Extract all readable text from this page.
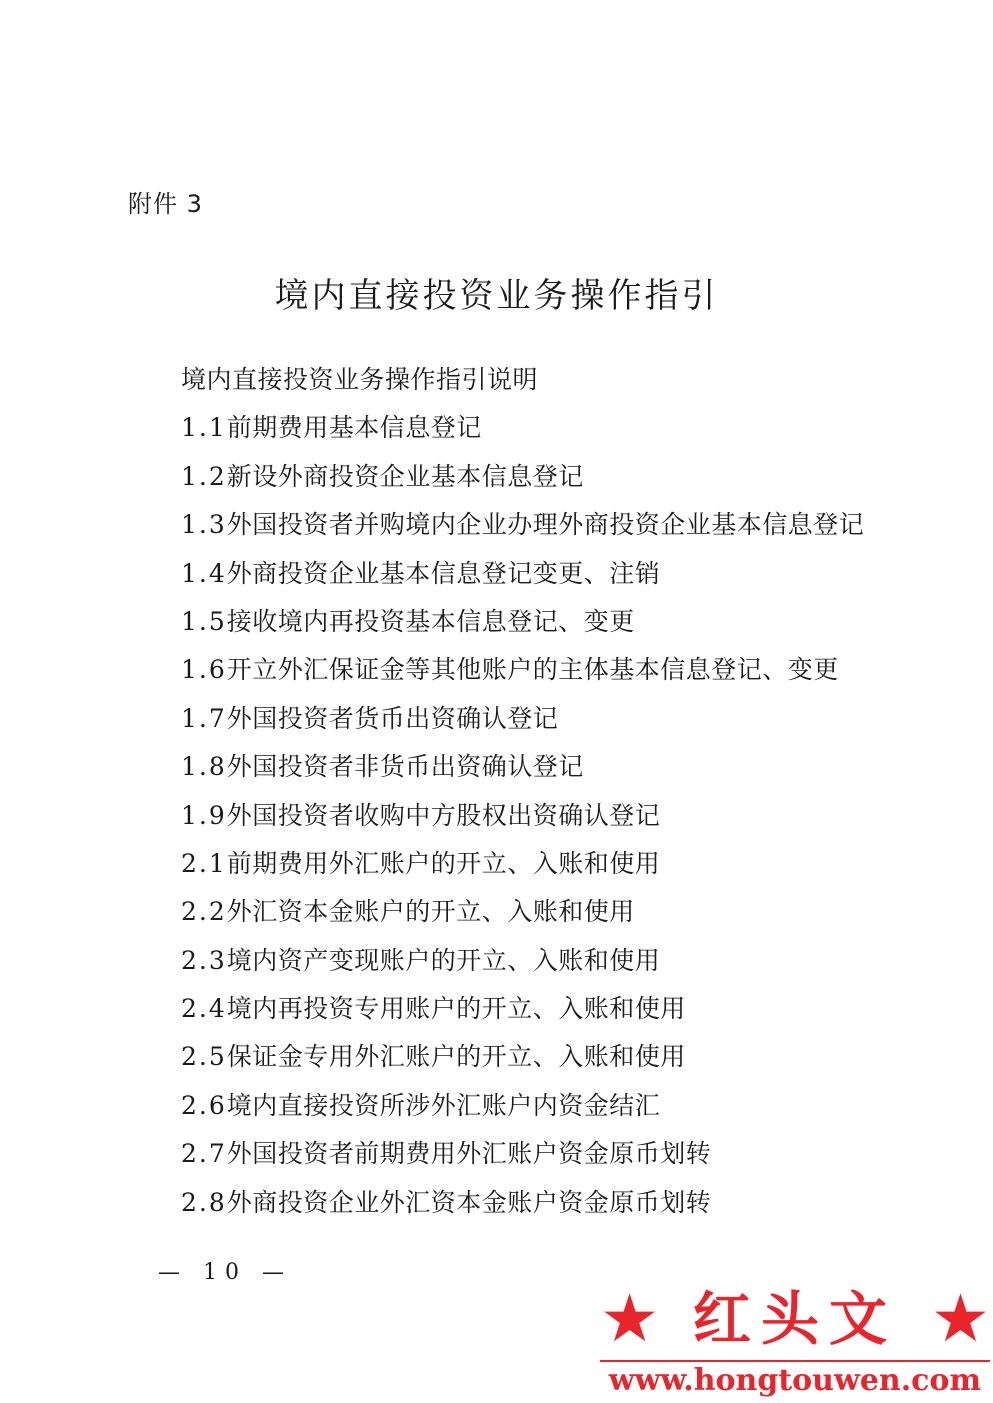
附件 3
境内直接投资业务操作指引
境内直接投资业务操作指引说明
1.1前期费用基本信息登记
1.2新设外商投资企业基本信息登记
1.3外国投资者并购境内企业办理外商投资企业基本信息登记
1.4外商投资企业基本信息登记变更、注销
1.5接收境内再投资基本信息登记、变更
1.6开立外汇保证金等其他账户的主体基本信息登记、变更
1.7外国投资者货币出资确认登记
1.8外国投资者非货币出资确认登记
1.9外国投资者收购中方股权出资确认登记
2.1前期费用外汇账户的开立、入账和使用
2.2外汇资本金账户的开立、入账和使用
2.3境内资产变现账户的开立、入账和使用
2.4境内再投资专用账户的开立、入账和使用
2.5保证金专用外汇账户的开立、入账和使用
2.6境内直接投资所涉外汇账户内资金结汇
2.7外国投资者前期费用外汇账户资金原币划转
2.8外商投资企业外汇资本金账户资金原币划转
— 10 —
★ 红头文 ★
www.hongtouwen.com
